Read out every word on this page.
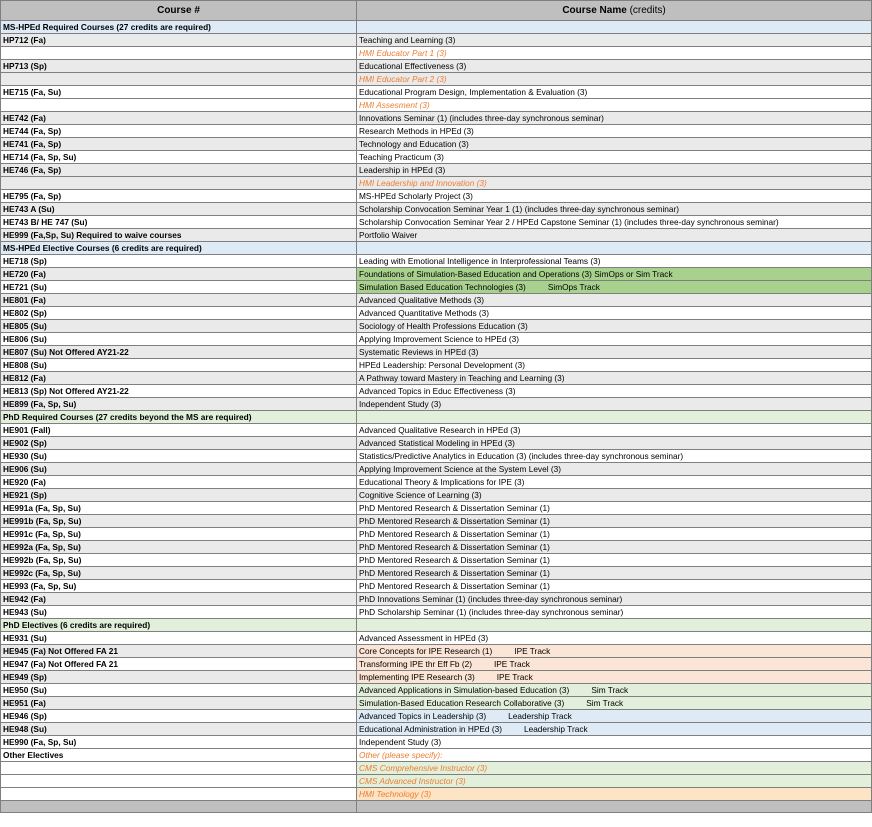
Course #	Course Name (credits)
MS-HPEd Required Courses (27 credits are required)	
HP712 (Fa)	Teaching and Learning (3)
	HMI Educator Part 1 (3)
HP713 (Sp)	Educational Effectiveness (3)
	HMI Educator Part 2 (3)
HE715 (Fa, Su)	Educational Program Design, Implementation & Evaluation (3)
	HMI Assesment (3)
HE742 (Fa)	Innovations Seminar (1) (includes three-day synchronous seminar)
HE744 (Fa, Sp)	Research Methods in HPEd (3)
HE741 (Fa, Sp)	Technology and Education (3)
HE714 (Fa, Sp, Su)	Teaching Practicum (3)
HE746 (Fa, Sp)	Leadership in HPEd (3)
	HMI Leadership and Innovation (3)
HE795 (Fa, Sp)	MS-HPEd Scholarly Project (3)
HE743 A (Su)	Scholarship Convocation Seminar Year 1 (1) (includes three-day synchronous seminar)
HE743 B/ HE 747 (Su)	Scholarship Convocation Seminar Year 2 / HPEd Capstone Seminar (1) (includes three-day synchronous seminar)
HE999 (Fa,Sp, Su) Required to waive courses	Portfolio Waiver
MS-HPEd Elective Courses (6 credits are required)	
HE718 (Sp)	Leading with Emotional Intelligence in Interprofessional Teams (3)
HE720 (Fa)	Foundations of Simulation-Based Education and Operations (3) SimOps or Sim Track
HE721 (Su)	Simulation Based Education Technologies (3) SimOps Track
HE801 (Fa)	Advanced Qualitative Methods (3)
HE802 (Sp)	Advanced Quantitative Methods (3)
HE805 (Su)	Sociology of Health Professions Education (3)
HE806 (Su)	Applying Improvement Science to HPEd (3)
HE807 (Su) Not Offered AY21-22	Systematic Reviews in HPEd (3)
HE808 (Su)	HPEd Leadership: Personal Development (3)
HE812 (Fa)	A Pathway toward Mastery in Teaching and Learning (3)
HE813 (Sp) Not Offered AY21-22	Advanced Topics in Educ Effectiveness (3)
HE899 (Fa, Sp, Su)	Independent Study (3)
PhD Required Courses (27 credits beyond the MS are required)	
HE901 (Fall)	Advanced Qualitative Research in HPEd (3)
HE902 (Sp)	Advanced Statistical Modeling in HPEd (3)
HE930 (Su)	Statistics/Predictive Analytics in Education (3) (includes three-day synchronous seminar)
HE906 (Su)	Applying Improvement Science at the System Level (3)
HE920 (Fa)	Educational Theory & Implications for IPE (3)
HE921 (Sp)	Cognitive Science of Learning (3)
HE991a (Fa, Sp, Su)	PhD Mentored Research & Dissertation Seminar (1)
HE991b (Fa, Sp, Su)	PhD Mentored Research & Dissertation Seminar (1)
HE991c (Fa, Sp, Su)	PhD Mentored Research & Dissertation Seminar (1)
HE992a (Fa, Sp, Su)	PhD Mentored Research & Dissertation Seminar (1)
HE992b (Fa, Sp, Su)	PhD Mentored Research & Dissertation Seminar (1)
HE992c (Fa, Sp, Su)	PhD Mentored Research & Dissertation Seminar (1)
HE993 (Fa, Sp, Su)	PhD Mentored Research & Dissertation Seminar (1)
HE942 (Fa)	PhD Innovations Seminar (1) (includes three-day synchronous seminar)
HE943 (Su)	PhD Scholarship Seminar (1) (includes three-day synchronous seminar)
PhD Electives (6 credits are required)	
HE931 (Su)	Advanced Assessment in HPEd (3)
HE945 (Fa) Not Offered FA 21	Core Concepts for IPE Research (1) IPE Track
HE947 (Fa) Not Offered FA 21	Transforming IPE thr Eff Fb (2) IPE Track
HE949 (Sp)	Implementing IPE Research (3) IPE Track
HE950 (Su)	Advanced Applications in Simulation-based Education (3) Sim Track
HE951 (Fa)	Simulation-Based Education Research Collaborative (3) Sim Track
HE946 (Sp)	Advanced Topics in Leadership (3) Leadership Track
HE948 (Su)	Educational Administration in HPEd (3) Leadership Track
HE990 (Fa, Sp, Su)	Independent Study (3)
Other Electives	Other (please specify):
	CMS Comprehensive Instructor (3)
	CMS Advanced Instructor (3)
	HMI Technology (3)
